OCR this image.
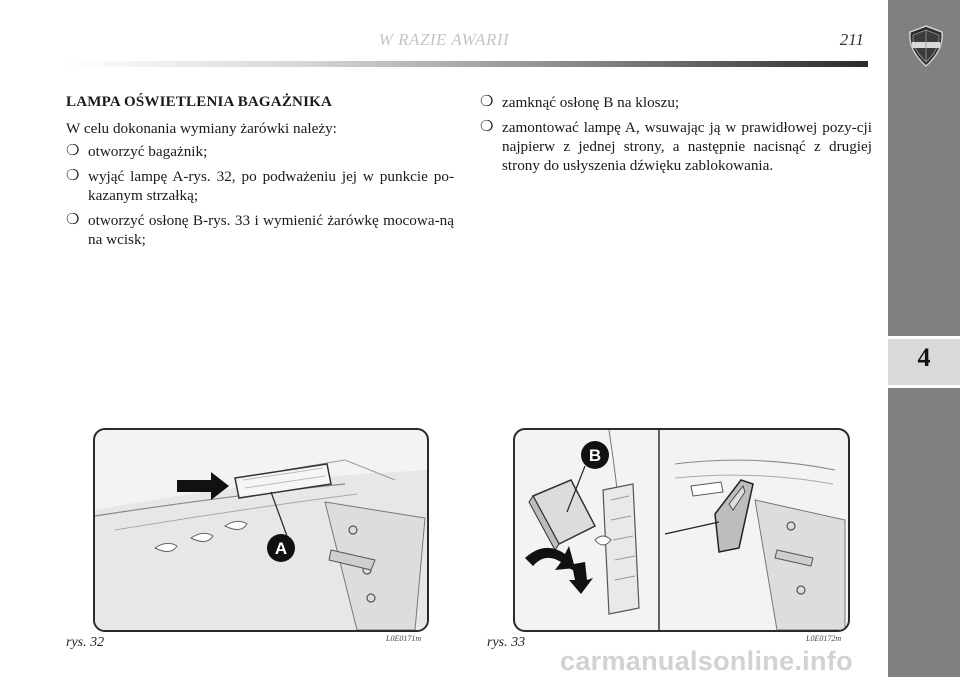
W RAZIE AWARII	211
4
LAMPA OŚWIETLENIA BAGAŻNIKA
W celu dokonania wymiany żarówki należy:
❍ otworzyć bagażnik;
❍ wyjąć lampę A-rys. 32, po podważeniu jej w punkcie po-kazanym strzałką;
❍ otworzyć osłonę B-rys. 33 i wymienić żarówkę mocowa-ną na wcisk;
❍ zamknąć osłonę B na kloszu;
❍ zamontować lampę A, wsuwając ją w prawidłowej pozy-cji najpierw z jednej strony, a następnie nacisnąć z drugiej strony do usłyszenia dźwięku zablokowania.
A
rys. 32	L0E0171m
B
rys. 33	L0E0172m
carmanualsonline.info
